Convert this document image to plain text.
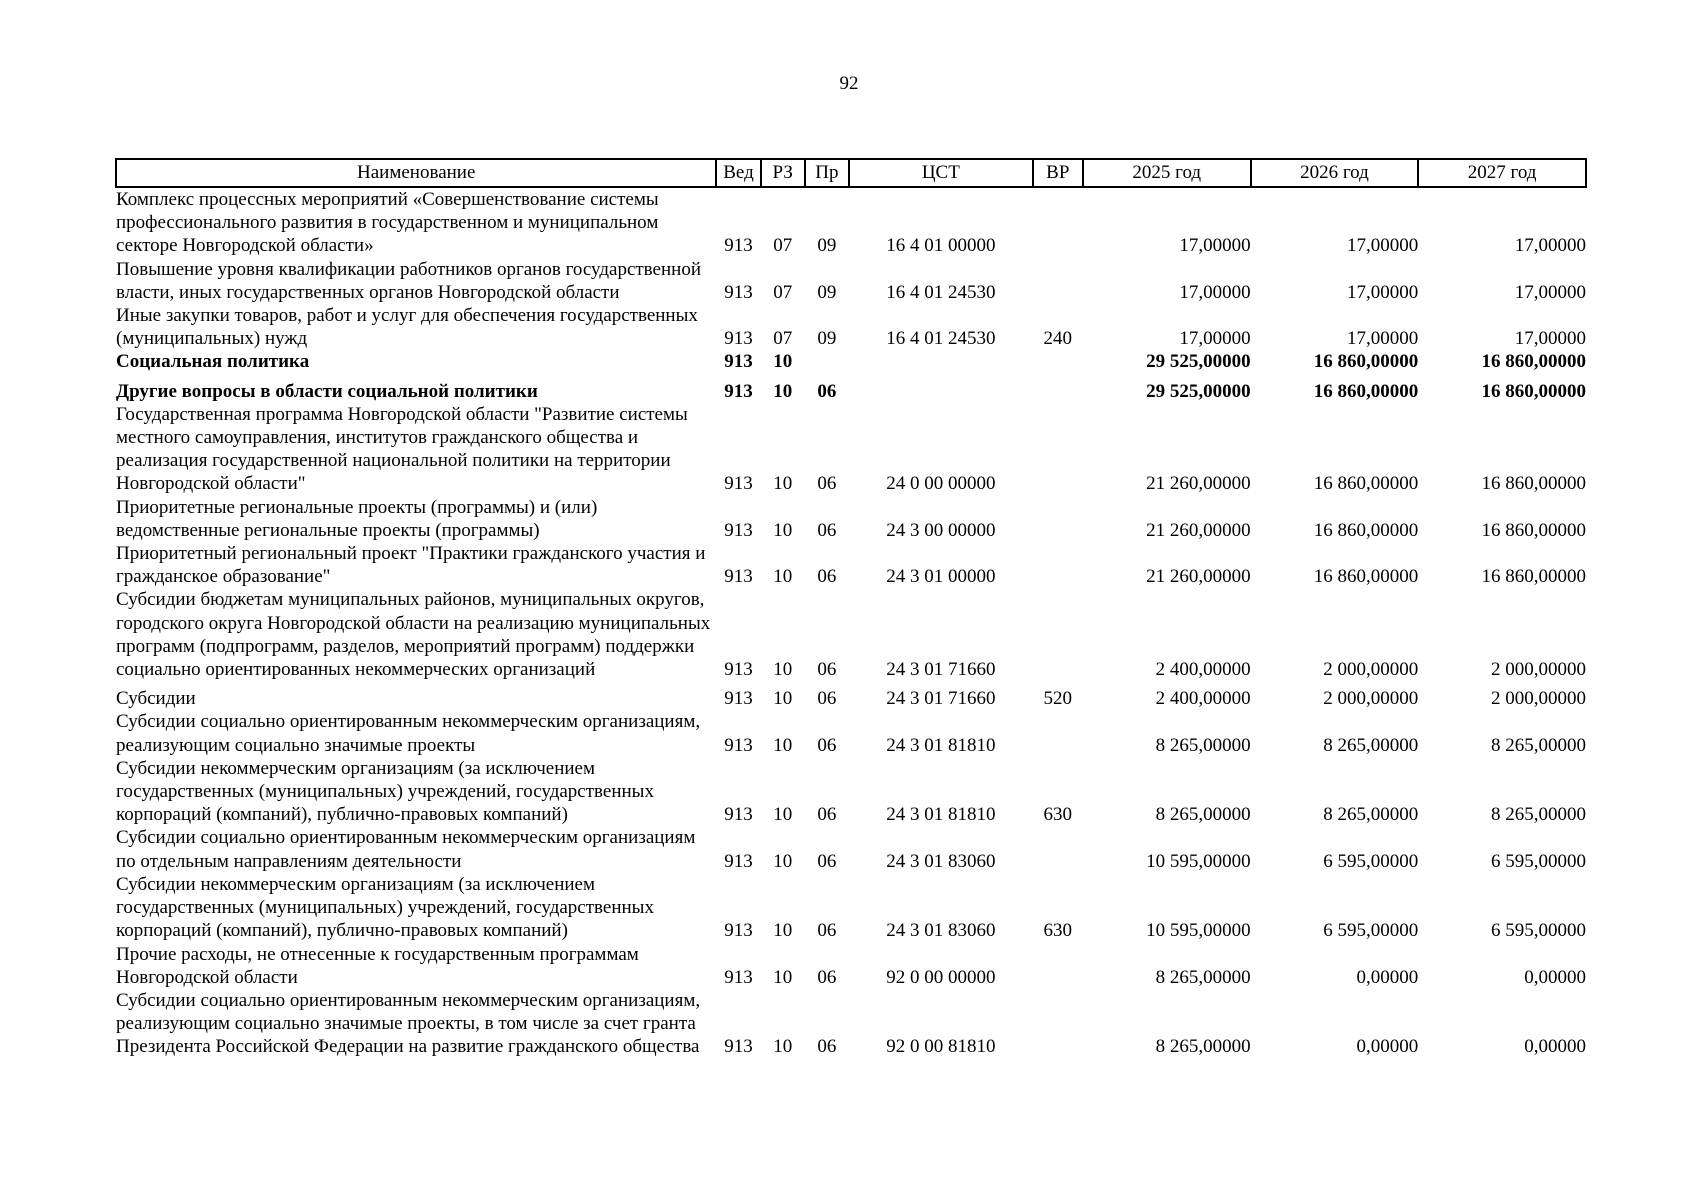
92
Наименование	Вед	РЗ	Пр	ЦСТ	ВР	2025 год	2026 год	2027 год
Комплекс процессных мероприятий «Совершенствование системы профессионального развития в государственном и муниципальном секторе Новгородской области»	913	07	09	16 4 01 00000		17,00000	17,00000	17,00000
Повышение уровня квалификации работников органов государственной власти, иных государственных органов Новгородской области	913	07	09	16 4 01 24530		17,00000	17,00000	17,00000
Иные закупки товаров, работ и услуг для обеспечения государственных (муниципальных) нужд	913	07	09	16 4 01 24530	240	17,00000	17,00000	17,00000
Социальная политика	913	10				29 525,00000	16 860,00000	16 860,00000
Другие вопросы в области социальной политики	913	10	06			29 525,00000	16 860,00000	16 860,00000
Государственная программа Новгородской области "Развитие системы местного самоуправления, институтов гражданского общества и реализация государственной национальной политики на территории Новгородской области"	913	10	06	24 0 00 00000		21 260,00000	16 860,00000	16 860,00000
Приоритетные региональные проекты (программы) и (или) ведомственные региональные проекты (программы)	913	10	06	24 3 00 00000		21 260,00000	16 860,00000	16 860,00000
Приоритетный региональный проект "Практики гражданского участия и гражданское образование"	913	10	06	24 3 01 00000		21 260,00000	16 860,00000	16 860,00000
Субсидии бюджетам муниципальных районов, муниципальных округов, городского округа Новгородской области на реализацию муниципальных программ (подпрограмм, разделов, мероприятий программ) поддержки социально ориентированных некоммерческих организаций	913	10	06	24 3 01 71660		2 400,00000	2 000,00000	2 000,00000
Субсидии	913	10	06	24 3 01 71660	520	2 400,00000	2 000,00000	2 000,00000
Субсидии социально ориентированным некоммерческим организациям, реализующим социально значимые проекты	913	10	06	24 3 01 81810		8 265,00000	8 265,00000	8 265,00000
Субсидии некоммерческим организациям (за исключением государственных (муниципальных) учреждений, государственных корпораций (компаний), публично-правовых компаний)	913	10	06	24 3 01 81810	630	8 265,00000	8 265,00000	8 265,00000
Субсидии социально ориентированным некоммерческим организациям по отдельным направлениям деятельности	913	10	06	24 3 01 83060		10 595,00000	6 595,00000	6 595,00000
Субсидии некоммерческим организациям (за исключением государственных (муниципальных) учреждений, государственных корпораций (компаний), публично-правовых компаний)	913	10	06	24 3 01 83060	630	10 595,00000	6 595,00000	6 595,00000
Прочие расходы, не отнесенные к государственным программам Новгородской области	913	10	06	92 0 00 00000		8 265,00000	0,00000	0,00000
Субсидии социально ориентированным некоммерческим организациям, реализующим социально значимые проекты, в том числе за счет гранта Президента Российской Федерации на развитие гражданского общества	913	10	06	92 0 00 81810		8 265,00000	0,00000	0,00000
